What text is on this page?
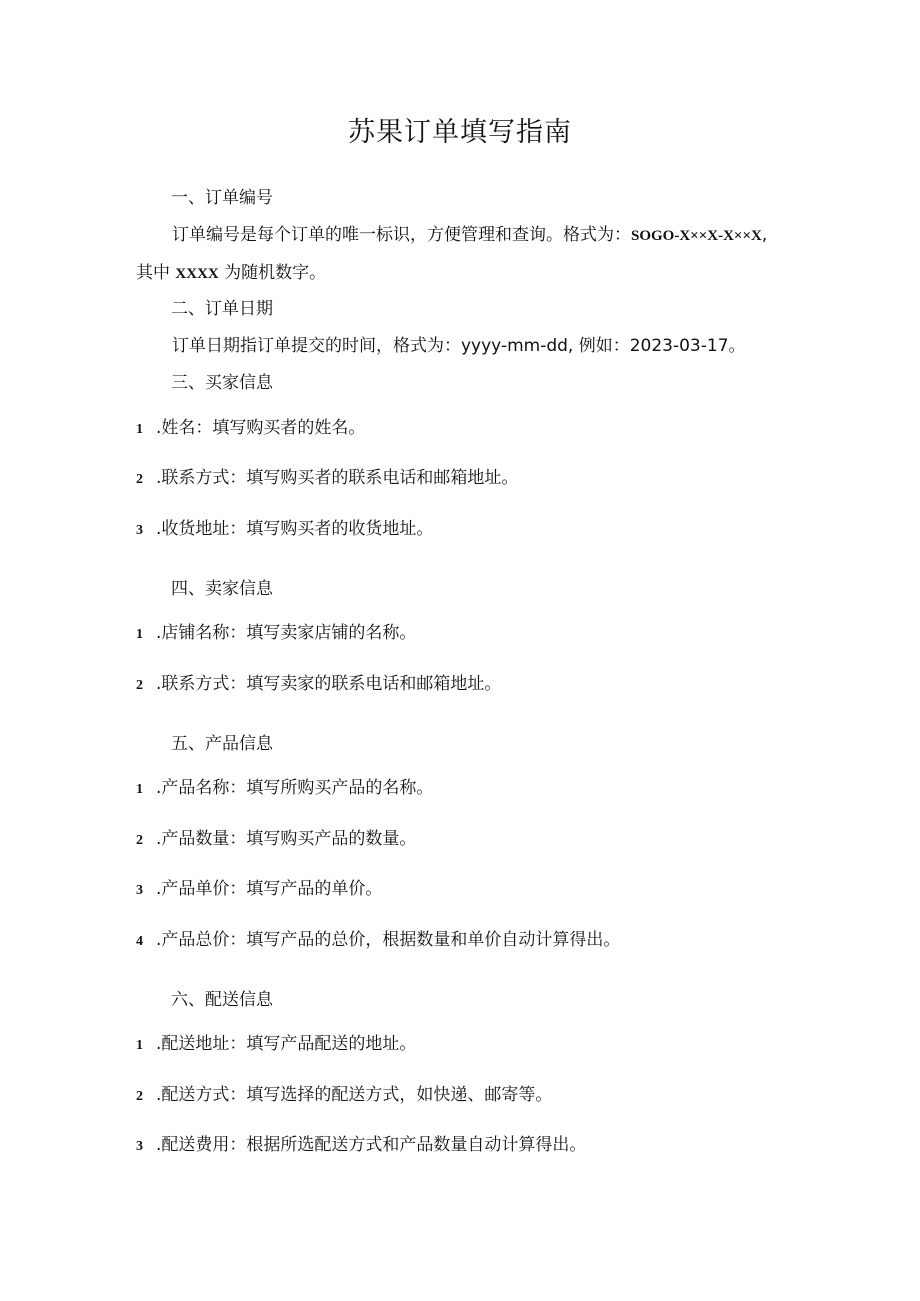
苏果订单填写指南

一、订单编号

订单编号是每个订单的唯一标识，方便管理和查询。格式为：SOGO-X××X-X××X, 其中 XXXX 为随机数字。

二、订单日期

订单日期指订单提交的时间，格式为：yyyy-mm-dd, 例如：2023-03-17。

三、买家信息

1 .姓名：填写购买者的姓名。

2 .联系方式：填写购买者的联系电话和邮箱地址。

3 .收货地址：填写购买者的收货地址。

四、卖家信息

1 .店铺名称：填写卖家店铺的名称。

2 .联系方式：填写卖家的联系电话和邮箱地址。

五、产品信息

1 .产品名称：填写所购买产品的名称。

2 .产品数量：填写购买产品的数量。

3 .产品单价：填写产品的单价。

4 .产品总价：填写产品的总价，根据数量和单价自动计算得出。

六、配送信息

1 .配送地址：填写产品配送的地址。

2 .配送方式：填写选择的配送方式，如快递、邮寄等。

3 .配送费用：根据所选配送方式和产品数量自动计算得出。
